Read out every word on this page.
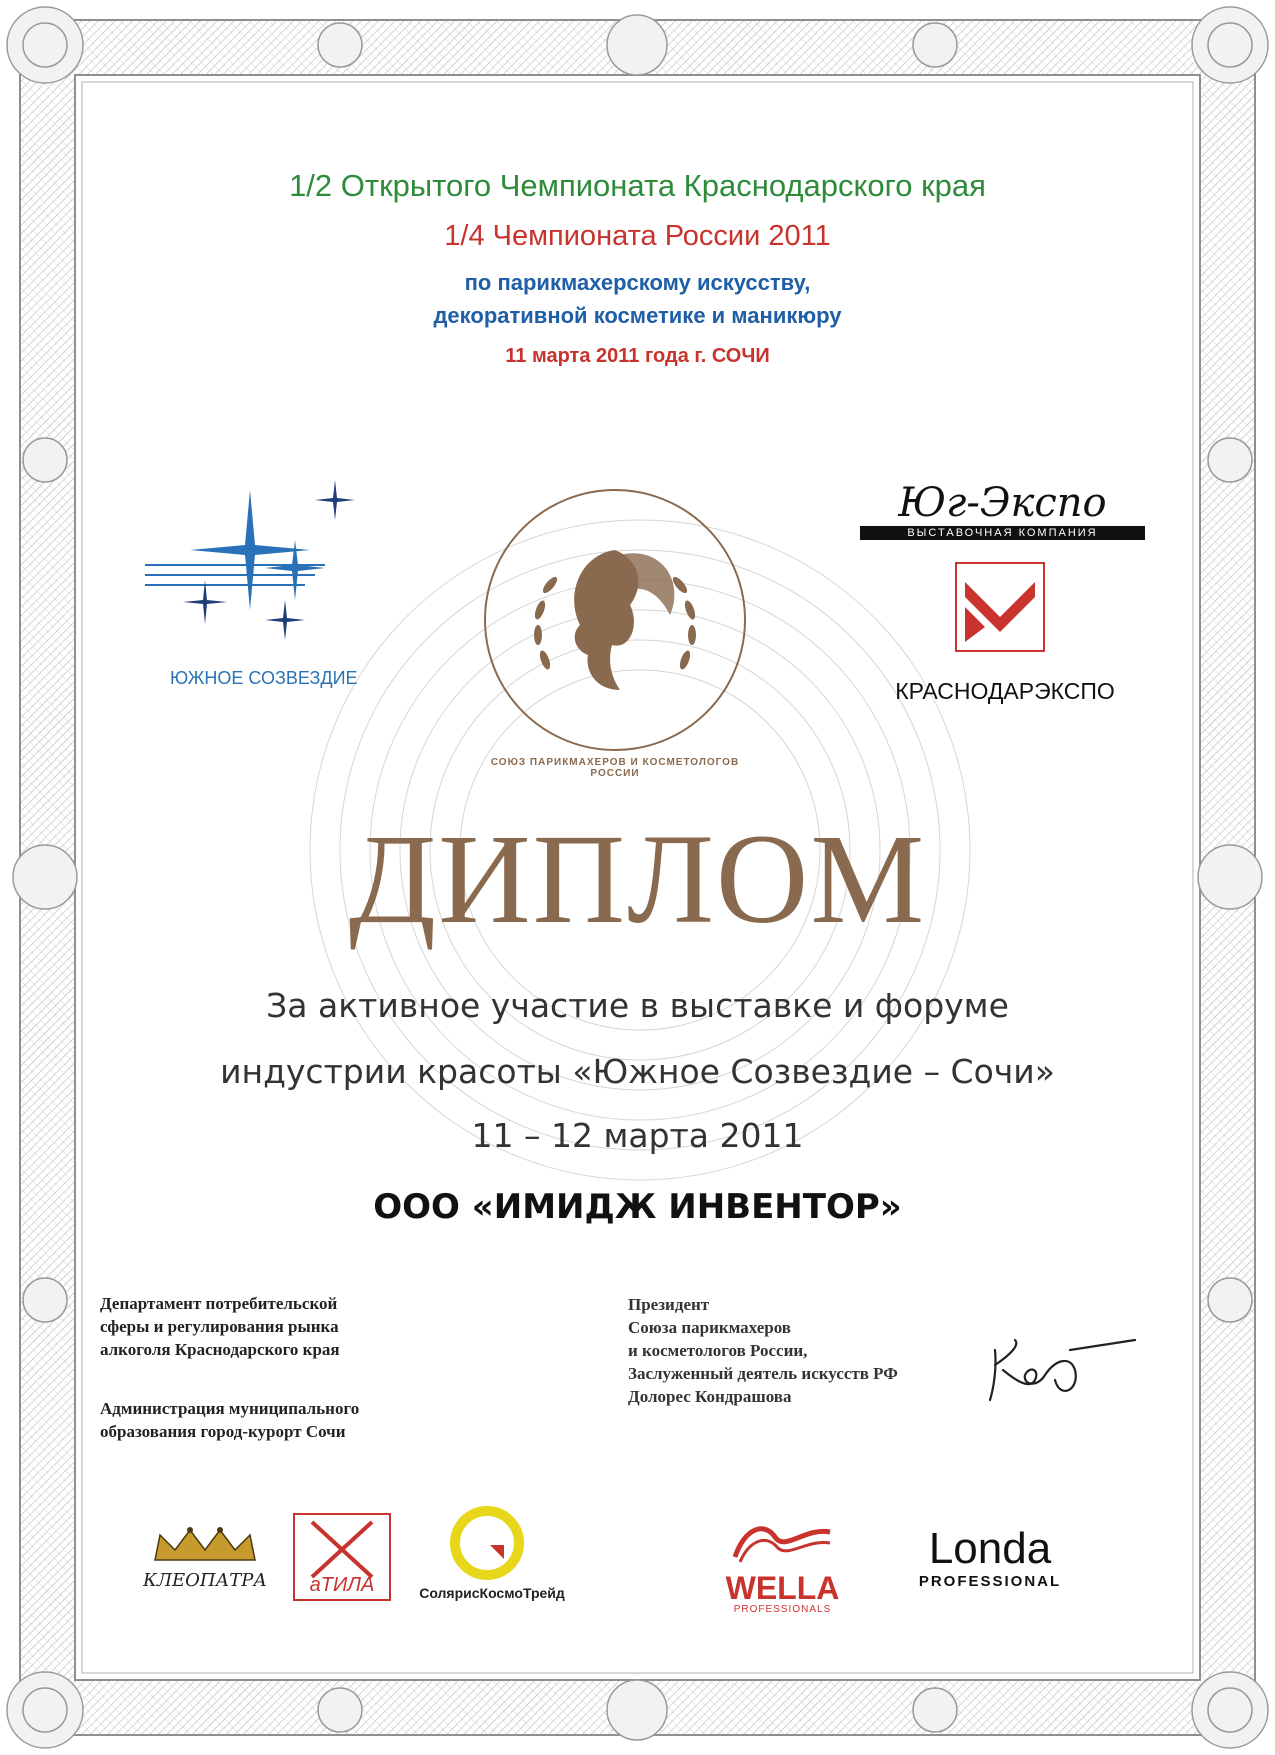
1/2 Открытого Чемпионата Краснодарского края
1/4 Чемпионата России 2011
по парикмахерскому искусству,
декоративной косметике и маникюру
11 марта 2011 года г. СОЧИ
ЮЖНОЕ СОЗВЕЗДИЕ
СОЮЗ ПАРИКМАХЕРОВ И КОСМЕТОЛОГОВ РОССИИ
Юг-Экспо
ВЫСТАВОЧНАЯ КОМПАНИЯ
КРАСНОДАРЭКСПО
ДИПЛОМ
За активное участие в выставке и форуме
индустрии красоты «Южное Созвездие – Сочи»
11 – 12 марта 2011
ООО «ИМИДЖ ИНВЕНТОР»
Департамент потребительской
сферы и регулирования рынка
алкоголя Краснодарского края
Администрация муниципального
образования город-курорт Сочи
Президент
Союза парикмахеров
и косметологов России,
Заслуженный деятель искусств РФ
Долорес Кондрашова
КЛЕОПАТРА	аТИЛА	СолярисКосмоТрейд	WELLA
PROFESSIONALS
Londa
PROFESSIONAL
